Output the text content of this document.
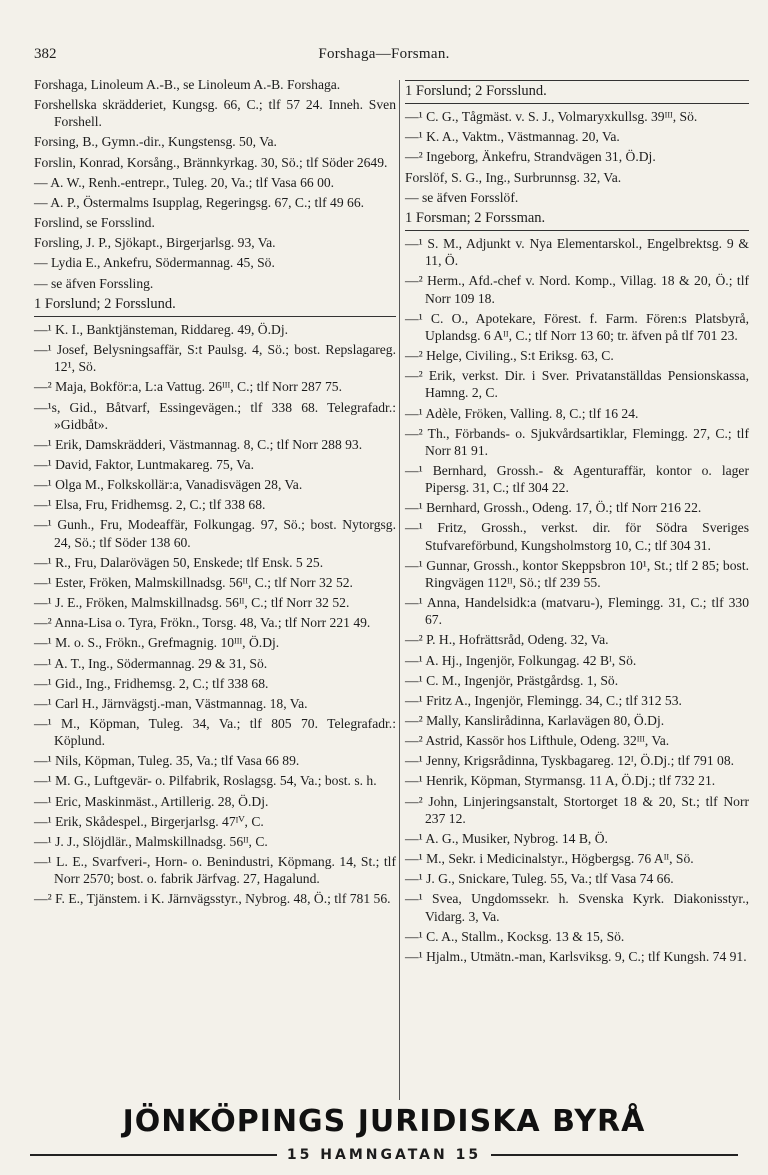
382	Forshaga—Forsman.
Forshaga, Linoleum A.-B., se Linoleum A.-B. Forshaga.
Forshellska skrädderiet, Kungsg. 66, C.; tlf 57 24. Inneh. Sven Forshell.
Forsing, B., Gymn.-dir., Kungstensg. 50, Va.
Forslin, Konrad, Korsång., Brännkyrkag. 30, Sö.; tlf Söder 2649.
— A. W., Renh.-entrepr., Tuleg. 20, Va.; tlf Vasa 66 00.
— A. P., Östermalms Isupplag, Regeringsg. 67, C.; tlf 49 66.
Forslind, se Forsslind.
Forsling, J. P., Sjökapt., Birgerjarlsg. 93, Va.
— Lydia E., Ankefru, Södermannag. 45, Sö.
— se äfven Forssling.
1 Forslund; 2 Forsslund.
—¹ K. I., Banktjänsteman, Riddareg. 49, Ö.Dj.
—¹ Josef, Belysningsaffär, S:t Paulsg. 4, Sö.; bost. Repslagareg. 12¹, Sö.
—² Maja, Bokför:a, L:a Vattug. 26ᴵᴵᴵ, C.; tlf Norr 287 75.
—¹s, Gid., Båtvarf, Essingevägen.; tlf 338 68. Telegrafadr.: »Gidbåt».
—¹ Erik, Damskrädderi, Västmannag. 8, C.; tlf Norr 288 93.
—¹ David, Faktor, Luntmakareg. 75, Va.
—¹ Olga M., Folkskollär:a, Vanadisvägen 28, Va.
—¹ Elsa, Fru, Fridhemsg. 2, C.; tlf 338 68.
—¹ Gunh., Fru, Modeaffär, Folkungag. 97, Sö.; bost. Nytorgsg. 24, Sö.; tlf Söder 138 60.
—¹ R., Fru, Dalarövägen 50, Enskede; tlf Ensk. 5 25.
—¹ Ester, Fröken, Malmskillnadsg. 56ᴵᴵ, C.; tlf Norr 32 52.
—¹ J. E., Fröken, Malmskillnadsg. 56ᴵᴵ, C.; tlf Norr 32 52.
—² Anna-Lisa o. Tyra, Frökn., Torsg. 48, Va.; tlf Norr 221 49.
—¹ M. o. S., Frökn., Grefmagnig. 10ᴵᴵᴵ, Ö.Dj.
—¹ A. T., Ing., Södermannag. 29 & 31, Sö.
—¹ Gid., Ing., Fridhemsg. 2, C.; tlf 338 68.
—¹ Carl H., Järnvägstj.-man, Västmannag. 18, Va.
—¹ M., Köpman, Tuleg. 34, Va.; tlf 805 70. Telegrafadr.: Köplund.
—¹ Nils, Köpman, Tuleg. 35, Va.; tlf Vasa 66 89.
—¹ M. G., Luftgevär- o. Pilfabrik, Roslagsg. 54, Va.; bost. s. h.
—¹ Eric, Maskinmäst., Artillerig. 28, Ö.Dj.
—¹ Erik, Skådespel., Birgerjarlsg. 47ᴵⱽ, C.
—¹ J. J., Slöjdlär., Malmskillnadsg. 56ᴵᴵ, C.
—¹ L. E., Svarfveri-, Horn- o. Benindustri, Köpmang. 14, St.; tlf Norr 2570; bost. o. fabrik Järfvag. 27, Hagalund.
—² F. E., Tjänstem. i K. Järnvägsstyr., Nybrog. 48, Ö.; tlf 781 56.
1 Forslund; 2 Forsslund.
—¹ C. G., Tågmäst. v. S. J., Volmaryxkullsg. 39ᴵᴵᴵ, Sö.
—¹ K. A., Vaktm., Västmannag. 20, Va.
—² Ingeborg, Änkefru, Strandvägen 31, Ö.Dj.
Forslöf, S. G., Ing., Surbrunnsg. 32, Va.
— se äfven Forsslöf.
1 Forsman; 2 Forssman.
—¹ S. M., Adjunkt v. Nya Elementarskol., Engelbrektsg. 9 & 11, Ö.
—² Herm., Afd.-chef v. Nord. Komp., Villag. 18 & 20, Ö.; tlf Norr 109 18.
—¹ C. O., Apotekare, Förest. f. Farm. Fören:s Platsbyrå, Uplandsg. 6 Aᴵᴵ, C.; tlf Norr 13 60; tr. äfven på tlf 701 23.
—² Helge, Civiling., S:t Eriksg. 63, C.
—² Erik, verkst. Dir. i Sver. Privatanställdas Pensionskassa, Hamng. 2, C.
—¹ Adèle, Fröken, Valling. 8, C.; tlf 16 24.
—² Th., Förbands- o. Sjukvårdsartiklar, Flemingg. 27, C.; tlf Norr 81 91.
—¹ Bernhard, Grossh.- & Agenturaffär, kontor o. lager Pipersg. 31, C.; tlf 304 22.
—¹ Bernhard, Grossh., Odeng. 17, Ö.; tlf Norr 216 22.
—¹ Fritz, Grossh., verkst. dir. för Södra Sveriges Stufvareförbund, Kungsholmstorg 10, C.; tlf 304 31.
—¹ Gunnar, Grossh., kontor Skeppsbron 10¹, St.; tlf 2 85; bost. Ringvägen 112ᴵᴵ, Sö.; tlf 239 55.
—¹ Anna, Handelsidk:a (matvaru-), Flemingg. 31, C.; tlf 330 67.
—² P. H., Hofrättsråd, Odeng. 32, Va.
—¹ A. Hj., Ingenjör, Folkungag. 42 Bᴵ, Sö.
—¹ C. M., Ingenjör, Prästgårdsg. 1, Sö.
—¹ Fritz A., Ingenjör, Flemingg. 34, C.; tlf 312 53.
—² Mally, Kanslirådinna, Karlavägen 80, Ö.Dj.
—² Astrid, Kassör hos Lifthule, Odeng. 32ᴵᴵᴵ, Va.
—¹ Jenny, Krigsrådinna, Tyskbagareg. 12ᴵ, Ö.Dj.; tlf 791 08.
—¹ Henrik, Köpman, Styrmansg. 11 A, Ö.Dj.; tlf 732 21.
—² John, Linjeringsanstalt, Stortorget 18 & 20, St.; tlf Norr 237 12.
—¹ A. G., Musiker, Nybrog. 14 B, Ö.
—¹ M., Sekr. i Medicinalstyr., Högbergsg. 76 Aᴵᴵ, Sö.
—¹ J. G., Snickare, Tuleg. 55, Va.; tlf Vasa 74 66.
—¹ Svea, Ungdomssekr. h. Svenska Kyrk. Diakonisstyr., Vidarg. 3, Va.
—¹ C. A., Stallm., Kocksg. 13 & 15, Sö.
—¹ Hjalm., Utmätn.-man, Karlsviksg. 9, C.; tlf Kungsh. 74 91.
JÖNKÖPINGS JURIDISKA BYRÅ
15 HAMNGATAN 15
